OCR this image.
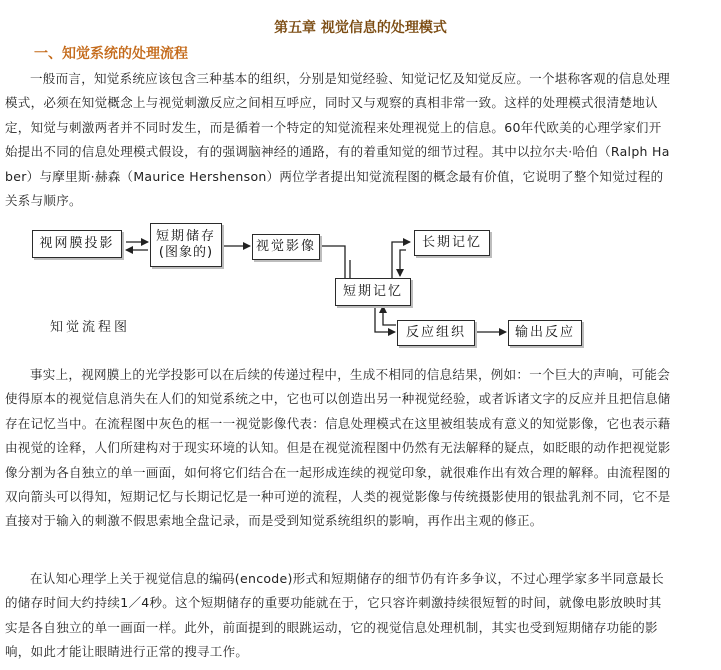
第五章 视觉信息的处理模式
一、知觉系统的处理流程

一般而言，知觉系统应该包含三种基本的组织，分别是知觉经验、知觉记忆及知觉反应。一个堪称客观的信息处理模式，必须在知觉概念上与视觉刺激反应之间相互呼应，同时又与观察的真相非常一致。这样的处理模式很清楚地认定，知觉与刺激两者并不同时发生，而是循着一个特定的知觉流程来处理视觉上的信息。60年代欧美的心理学家们开始提出不同的信息处理模式假设，有的强调脑神经的通路，有的着重知觉的细节过程。其中以拉尔夫·哈伯（Ralph Haber）与摩里斯·赫森（Maurice Hershenson）两位学者提出知觉流程图的概念最有价值，它说明了整个知觉过程的关系与顺序。

视网膜投影	短期储存
(图象的)	视觉影像	长期记忆
短期记忆
反应组织	输出反应
知觉流程图

事实上，视网膜上的光学投影可以在后续的传递过程中，生成不相同的信息结果，例如：一个巨大的声响，可能会使得原本的视觉信息消失在人们的知觉系统之中，它也可以创造出另一种视觉经验，或者诉诸文字的反应并且把信息储存在记忆当中。在流程图中灰色的框一一视觉影像代表：信息处理模式在这里被组装成有意义的知觉影像，它也表示藉由视觉的诠释，人们所建构对于现实环境的认知。但是在视觉流程图中仍然有无法解释的疑点，如眨眼的动作把视觉影像分割为各自独立的单一画面，如何将它们结合在一起形成连续的视觉印象，就很难作出有效合理的解释。由流程图的双向箭头可以得知，短期记忆与长期记忆是一种可逆的流程，人类的视觉影像与传统摄影使用的银盐乳剂不同，它不是直接对于输入的刺激不假思索地全盘记录，而是受到知觉系统组织的影响，再作出主观的修正。

在认知心理学上关于视觉信息的编码(encode)形式和短期储存的细节仍有许多争议，不过心理学家多半同意最长的储存时间大约持续1／4秒。这个短期储存的重要功能就在于，它只容许刺激持续很短暂的时间，就像电影放映时其实是各自独立的单一画面一样。此外，前面提到的眼跳运动，它的视觉信息处理机制，其实也受到短期储存功能的影响，如此才能让眼睛进行正常的搜寻工作。
